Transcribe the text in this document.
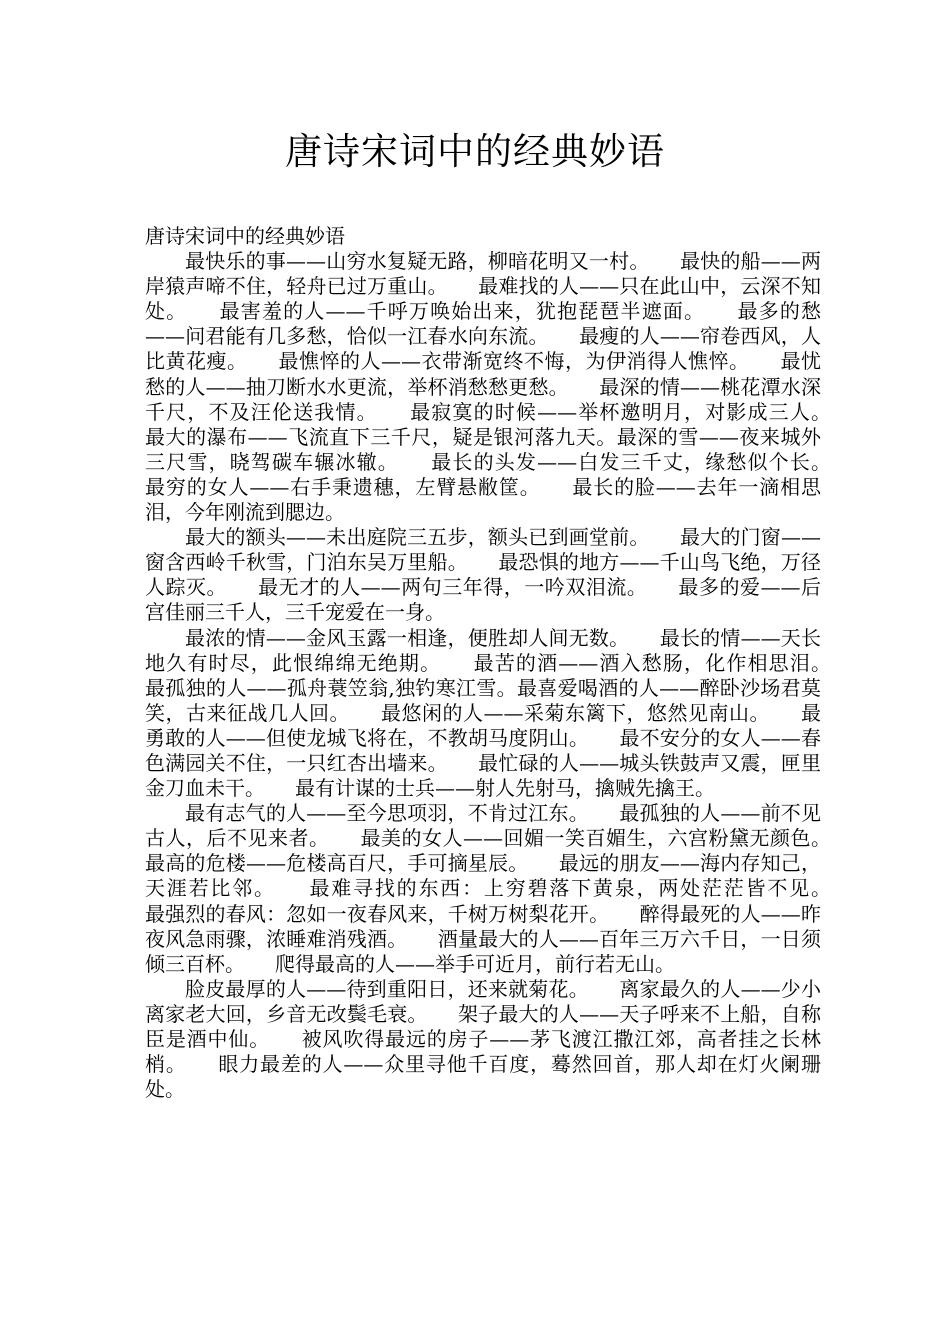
唐诗宋词中的经典妙语

唐诗宋词中的经典妙语

最快乐的事——山穷水复疑无路，柳暗花明又一村。　　最快的船——两岸猿声啼不住，轻舟已过万重山。　　最难找的人——只在此山中，云深不知处。　　最害羞的人——千呼万唤始出来，犹抱琵琶半遮面。　　最多的愁——问君能有几多愁，恰似一江春水向东流。　　最瘦的人——帘卷西风，人比黄花瘦。　　最憔悴的人——衣带渐宽终不悔，为伊消得人憔悴。　　最忧愁的人——抽刀断水水更流，举杯消愁愁更愁。　　最深的情——桃花潭水深千尺，不及汪伦送我情。　　最寂寞的时候——举杯邀明月，对影成三人。　　最大的瀑布——飞流直下三千尺，疑是银河落九天。最深的雪——夜来城外三尺雪，晓驾碳车辗冰辙。　　最长的头发——白发三千丈，缘愁似个长。　　最穷的女人——右手秉遗穗，左臂悬敝筐。　　最长的脸——去年一滴相思泪，今年刚流到腮边。

最大的额头——未出庭院三五步，额头已到画堂前。　　最大的门窗——窗含西岭千秋雪，门泊东吴万里船。　　最恐惧的地方——千山鸟飞绝，万径人踪灭。　　最无才的人——两句三年得，一吟双泪流。　　最多的爱——后宫佳丽三千人，三千宠爱在一身。

最浓的情——金风玉露一相逢，便胜却人间无数。　　最长的情——天长地久有时尽，此恨绵绵无绝期。　　最苦的酒——酒入愁肠，化作相思泪。　　最孤独的人——孤舟蓑笠翁,独钓寒江雪。最喜爱喝酒的人——醉卧沙场君莫笑，古来征战几人回。　　最悠闲的人——采菊东篱下，悠然见南山。　　最勇敢的人——但使龙城飞将在，不教胡马度阴山。　　最不安分的女人——春色满园关不住，一只红杏出墙来。　　最忙碌的人——城头铁鼓声又震，匣里金刀血未干。　　最有计谋的士兵——射人先射马，擒贼先擒王。

最有志气的人——至今思项羽，不肯过江东。　　最孤独的人——前不见古人，后不见来者。　　最美的女人——回媚一笑百媚生，六宫粉黛无颜色。　　最高的危楼——危楼高百尺，手可摘星辰。　　最远的朋友——海内存知己，天涯若比邻。　　最难寻找的东西：上穷碧落下黄泉，两处茫茫皆不见。　　最强烈的春风：忽如一夜春风来，千树万树梨花开。　　醉得最死的人——昨夜风急雨骤，浓睡难消残酒。　　酒量最大的人——百年三万六千日，一日须倾三百杯。　　爬得最高的人——举手可近月，前行若无山。

脸皮最厚的人——待到重阳日，还来就菊花。　　离家最久的人——少小离家老大回，乡音无改鬓毛衰。　　架子最大的人——天子呼来不上船，自称臣是酒中仙。　　被风吹得最远的房子——茅飞渡江撒江郊，高者挂之长林梢。　　眼力最差的人——众里寻他千百度，蓦然回首，那人却在灯火阑珊处。
